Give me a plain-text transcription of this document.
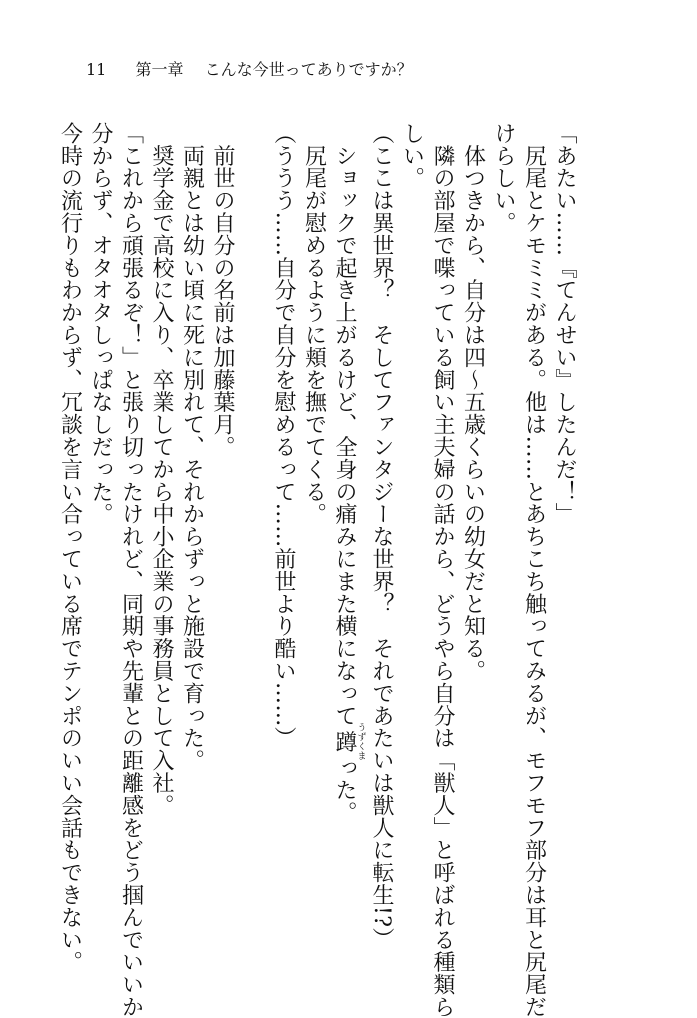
11 第一章 こんな今世ってありですか？
「あたい……『てんせい』したんだ！」
　尻尾とケモミミがある。他は……とあちこち触ってみるが、モフモフ部分は耳と尻尾だ
けらしい。
　体つきから、自分は四～五歳くらいの幼女だと知る。
　隣の部屋で喋っている飼い主夫婦の話から、どうやら自分は「獣人」と呼ばれる種類ら
しい。
（ここは異世界？　そしてファンタジーな世界？　それであたいは獣人に転生!?）
　ショックで起き上がるけど、全身の痛みにまた横になって蹲うずくまった。
　尻尾が慰めるように頬を撫でてくる。
（ううう……自分で自分を慰めるって……前世より酷い……）

　前世の自分の名前は加藤葉月。
　両親とは幼い頃に死に別れて、それからずっと施設で育った。
　奨学金で高校に入り、卒業してから中小企業の事務員として入社。
「これから頑張るぞ！」と張り切ったけれど、同期や先輩との距離感をどう掴んでいいか
分からず、オタオタしっぱなしだった。
今時の流行りもわからず、冗談を言い合っている席でテンポのいい会話もできない。
